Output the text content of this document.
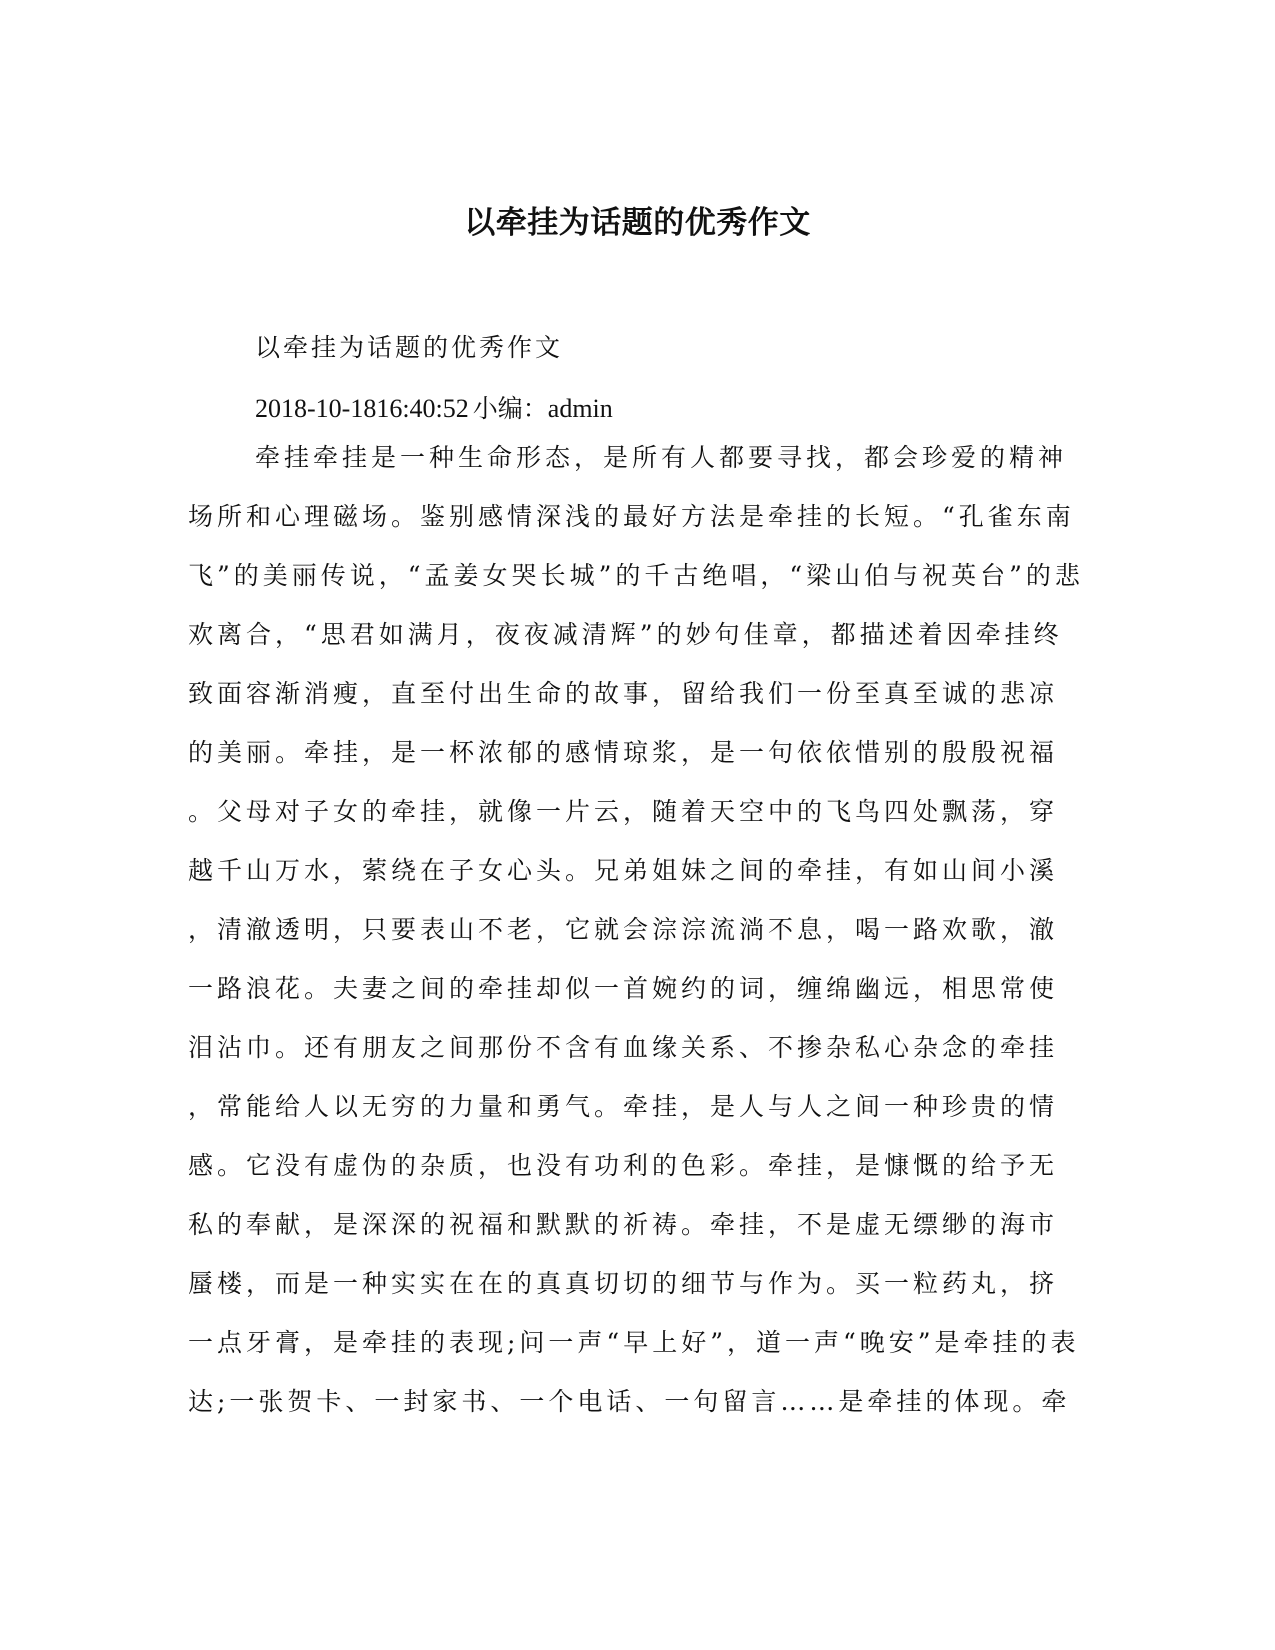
以牵挂为话题的优秀作文
以牵挂为话题的优秀作文
2018-10-1816:40:52 小编：admin
牵挂牵挂是一种生命形态，是所有人都要寻找，都会珍爱的精神
场所和心理磁场。鉴别感情深浅的最好方法是牵挂的长短。“孔雀东南
飞”的美丽传说，“孟姜女哭长城”的千古绝唱，“梁山伯与祝英台”的悲
欢离合，“思君如满月，夜夜减清辉”的妙句佳章，都描述着因牵挂终
致面容渐消瘦，直至付出生命的故事，留给我们一份至真至诚的悲凉
的美丽。牵挂，是一杯浓郁的感情琼浆，是一句依依惜别的殷殷祝福
。父母对子女的牵挂，就像一片云，随着天空中的飞鸟四处飘荡，穿
越千山万水，萦绕在子女心头。兄弟姐妹之间的牵挂，有如山间小溪
，清澈透明，只要表山不老，它就会淙淙流淌不息，喝一路欢歌，澈
一路浪花。夫妻之间的牵挂却似一首婉约的词，缠绵幽远，相思常使
泪沾巾。还有朋友之间那份不含有血缘关系、不掺杂私心杂念的牵挂
，常能给人以无穷的力量和勇气。牵挂，是人与人之间一种珍贵的情
感。它没有虚伪的杂质，也没有功利的色彩。牵挂，是慷慨的给予无
私的奉献，是深深的祝福和默默的祈祷。牵挂，不是虚无缥缈的海市
蜃楼，而是一种实实在在的真真切切的细节与作为。买一粒药丸，挤
一点牙膏，是牵挂的表现;问一声“早上好”，道一声“晚安”是牵挂的表
达;一张贺卡、一封家书、一个电话、一句留言……是牵挂的体现。牵
